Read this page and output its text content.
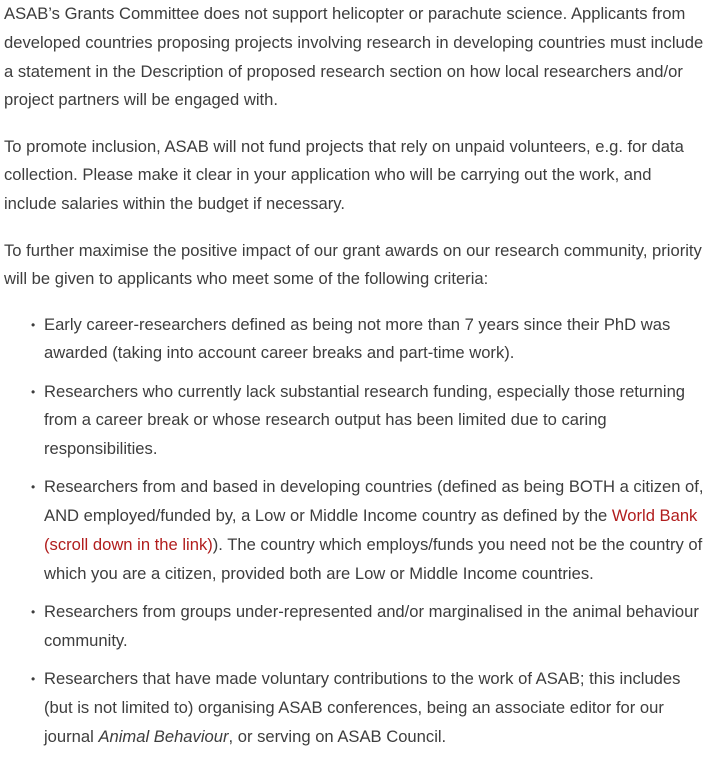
ASAB’s Grants Committee does not support helicopter or parachute science. Applicants from developed countries proposing projects involving research in developing countries must include a statement in the Description of proposed research section on how local researchers and/or project partners will be engaged with.

To promote inclusion, ASAB will not fund projects that rely on unpaid volunteers, e.g. for data collection. Please make it clear in your application who will be carrying out the work, and include salaries within the budget if necessary.

To further maximise the positive impact of our grant awards on our research community, priority will be given to applicants who meet some of the following criteria:

• Early career-researchers defined as being not more than 7 years since their PhD was awarded (taking into account career breaks and part-time work).
• Researchers who currently lack substantial research funding, especially those returning from a career break or whose research output has been limited due to caring responsibilities.
• Researchers from and based in developing countries (defined as being BOTH a citizen of, AND employed/funded by, a Low or Middle Income country as defined by the World Bank (scroll down in the link)). The country which employs/funds you need not be the country of which you are a citizen, provided both are Low or Middle Income countries.
• Researchers from groups under-represented and/or marginalised in the animal behaviour community.
• Researchers that have made voluntary contributions to the work of ASAB; this includes (but is not limited to) organising ASAB conferences, being an associate editor for our journal Animal Behaviour, or serving on ASAB Council.
